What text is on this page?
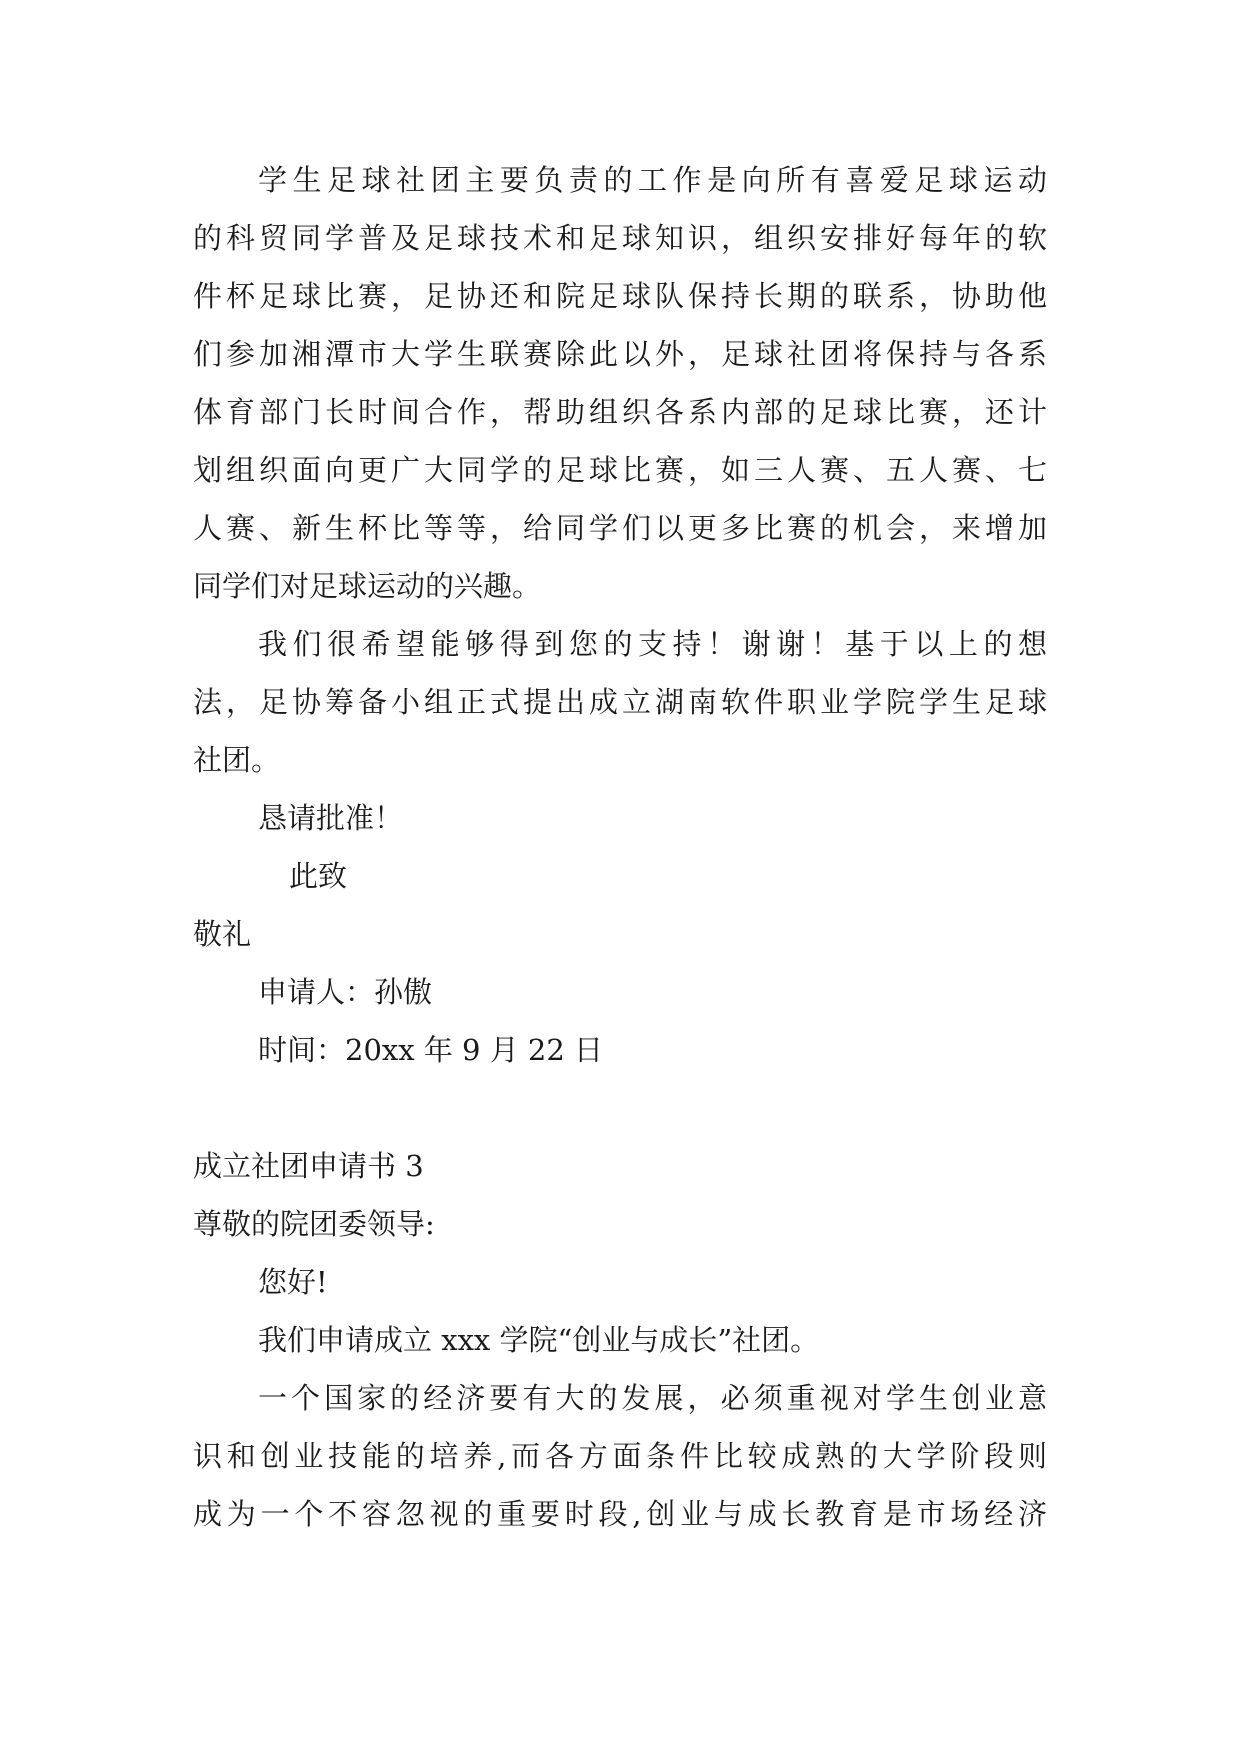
学生足球社团主要负责的工作是向所有喜爱足球运动
的科贸同学普及足球技术和足球知识，组织安排好每年的软
件杯足球比赛，足协还和院足球队保持长期的联系，协助他
们参加湘潭市大学生联赛除此以外，足球社团将保持与各系
体育部门长时间合作，帮助组织各系内部的足球比赛，还计
划组织面向更广大同学的足球比赛，如三人赛、五人赛、七
人赛、新生杯比等等，给同学们以更多比赛的机会，来增加
同学们对足球运动的兴趣。
我们很希望能够得到您的支持！谢谢！基于以上的想
法，足协筹备小组正式提出成立湖南软件职业学院学生足球
社团。
恳请批准！
此致
敬礼
申请人：孙傲
时间：20xx 年 9 月 22 日
成立社团申请书 3
尊敬的院团委领导:
您好!
我们申请成立 xxx 学院“创业与成长”社团。
一个国家的经济要有大的发展，必须重视对学生创业意
识和创业技能的培养,而各方面条件比较成熟的大学阶段则
成为一个不容忽视的重要时段,创业与成长教育是市场经济
